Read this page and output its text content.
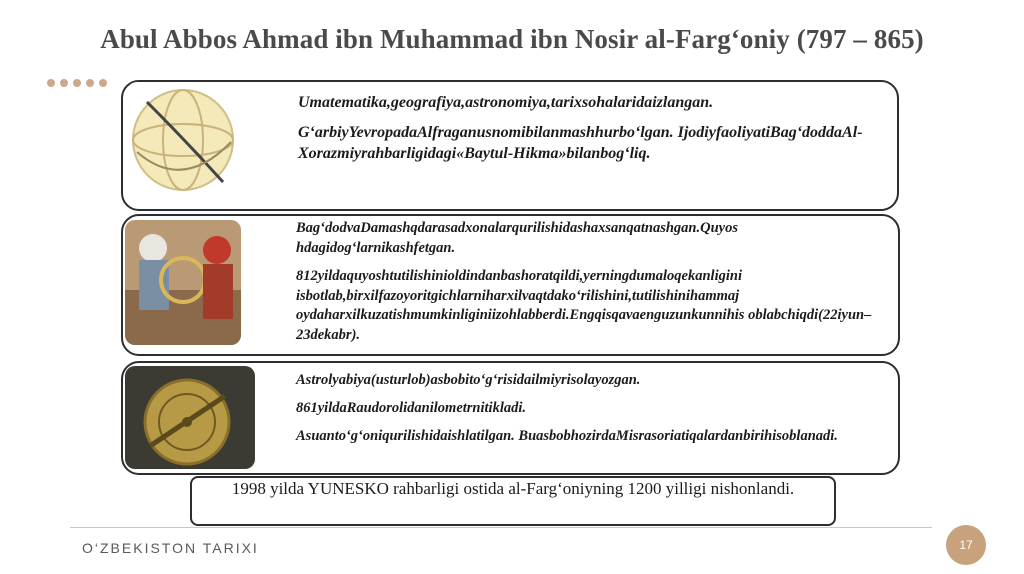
Abul Abbos Ahmad ibn Muhammad ibn Nosir al-Farg‘oniy (797 – 865)

Umatematika,geografiya,astronomiya,tarixsohalaridaizlangan.

G‘arbiyYevropadaAlfraganusnomibilanmashhurbo‘lgan. IjodiyfaoliyatiBag‘doddaAl-Xorazmiyrahbarligidagi«Baytul-Hikma»bilanbog‘liq.

Bag‘dodvaDamashqdarasadxonalarqurilishidashaxsanqatnashgan.Quyos hdagidog‘larnikashfetgan.

812yildaquyoshtutilishinioldindanbashoratqildi,yerningdumaloqekanligini isbotlab,birxilfazoyoritgichlarniharxilvaqtdako‘rilishini,tutilishinihammaj oydaharxilkuzatishmumkinliginiizohlabberdi.Engqisqavaenguzunkunnihis oblabchiqdi(22iyun– 23dekabr).

Astrolyabiya(usturlob)asbobito‘g‘risidailmiyrisolayozgan.

861yildaRaudorolidanilometrnitikladi.

Asuanto‘g‘oniqurilishidaishlatilgan. BuasbobhozirdaMisrasoriatiqalardanbirihisoblanadi.

1998 yilda YUNESKO rahbarligi ostida al-Farg‘oniyning 1200 yilligi nishonlandi.
O‘ZBEKISTON TARIXI	17
